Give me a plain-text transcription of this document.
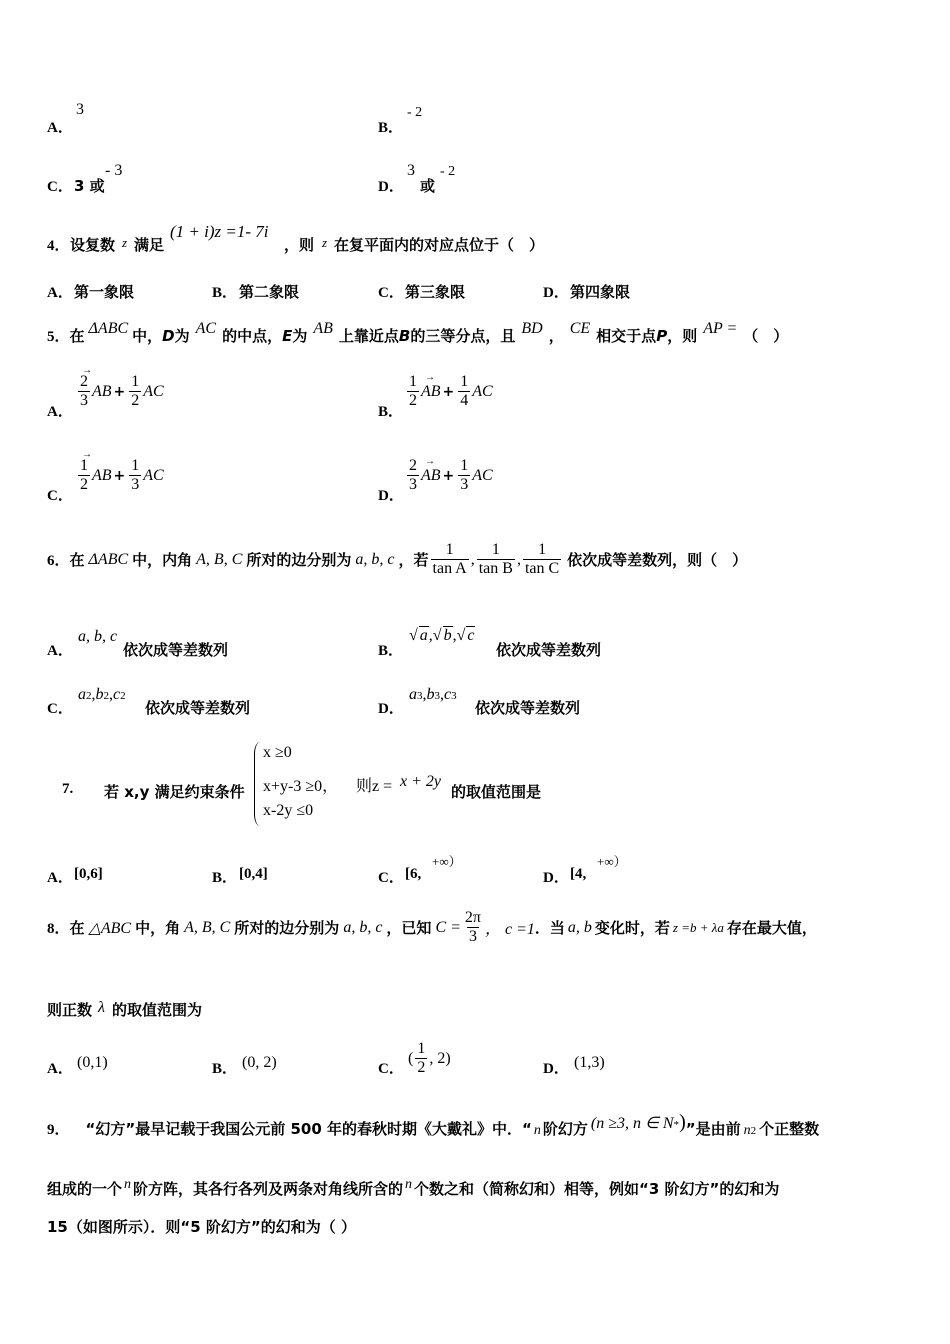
A．
3
B．
- 2
C． 3 或
- 3
D．
3
或
- 2
4． 设复数 z 满足
(1 + i)z =1- 7i
，则 z 在复平面内的对应点位于（　）
A． 第一象限	B． 第二象限	C． 第三象限	D． 第四象限
5． 在 ΔABC 中， D 为 AC 的中点， E 为 AB 上靠近点 B 的三等分点，且 BD ， CE 相交于点 P ，则 AP = （　）
A．
→ $\frac{2}{3}$ AB + $\frac{1}{2}$ AC
B．
$\frac{1}{2}$ → AB + $\frac{1}{4}$ AC
C．
→ $\frac{1}{2}$ AB + $\frac{1}{3}$ AC
D．
$\frac{2}{3}$ → AB + $\frac{1}{3}$ AC
6． 在 ΔABC 中，内角 A, B, C 所对的边分别为 a, b, c ，若 $\frac{1}{\text{tan A}}$ , $\frac{1}{\text{tan B}}$ , $\frac{1}{\text{tan C}}$ 依次成等差数列，则（　）
A．
a, b, c
依次成等差数列	B．
√ a , √ b , √ c
依次成等差数列
C．
a 2 , b 2 , c 2
依次成等差数列	D．
a 3 , b 3 , c 3
依次成等差数列
7. 若 x,y 满足约束条件
x ≥0
x+y-3 ≥0， 则z = x + 2y
x-2y ≤0
的取值范围是
A． [0,6]	B． [0,4]	C． [6,
+∞）
D． [4,
+∞）
8． 在 △ABC 中，角 A, B, C 所对的边分别为 a, b, c ，已知 $C = \frac{2\pi}{3}$ ， c =1 ．当 a, b 变化时，若 z =b + λa 存在最大值，
则正数 λ 的取值范围为
A． (0,1)	B． (0, 2)	C．
( $\frac{1}{2}$ , 2)
D． (1,3)
9． “幻方”最早记载于我国公元前 500 年的春秋时期《大戴礼》中．“ n 阶幻方 (n ≥3, n ∈ N * ) ”是由前 n 2 个正整数
组成的一个 n 阶方阵，其各行各列及两条对角线所含的 n 个数之和（简称幻和）相等，例如“3 阶幻方”的幻和为
15（如图所示）．则“5 阶幻方”的幻和为（ ）
